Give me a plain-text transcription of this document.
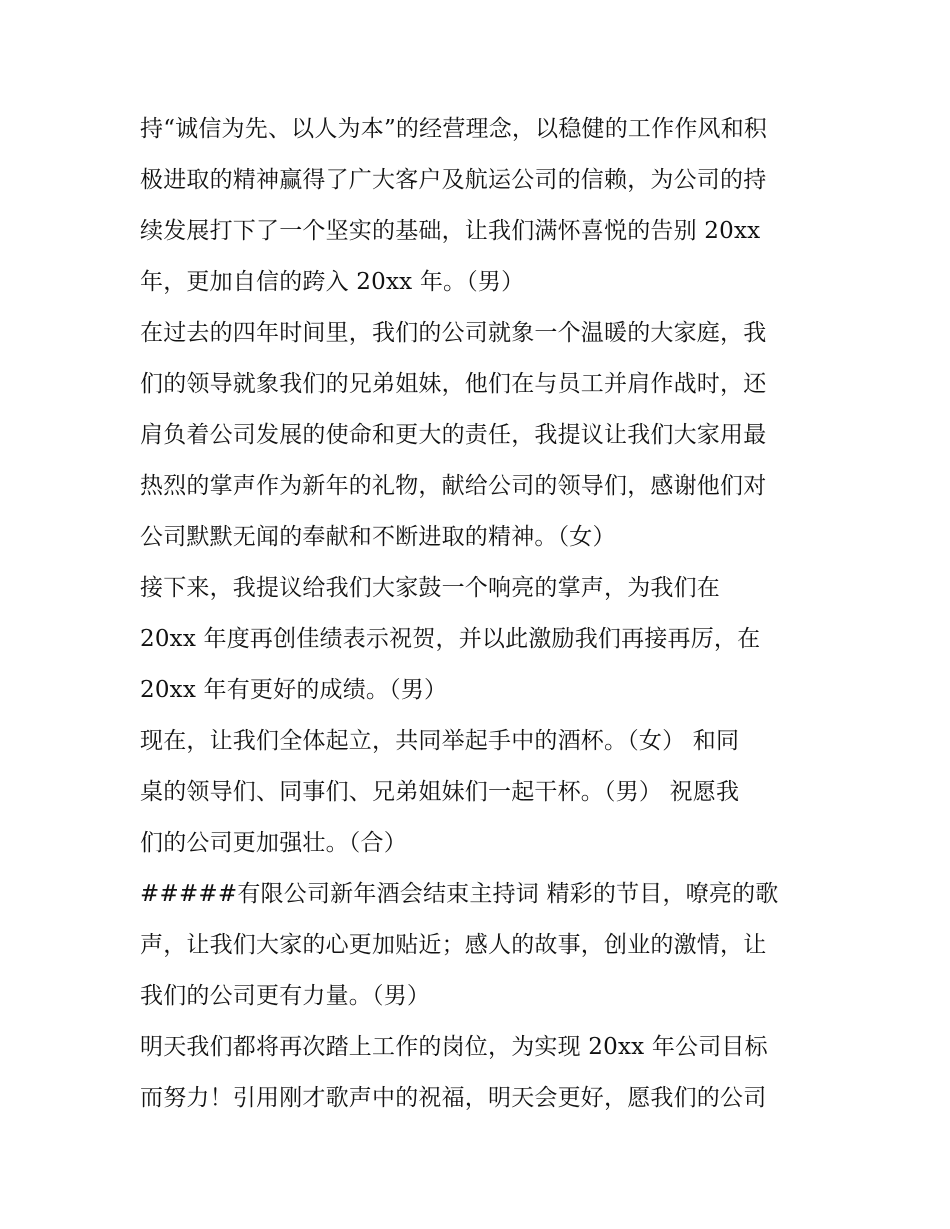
持“诚信为先、以人为本”的经营理念，以稳健的工作作风和积
极进取的精神赢得了广大客户及航运公司的信赖，为公司的持
续发展打下了一个坚实的基础，让我们满怀喜悦的告别 20xx
年，更加自信的跨入 20xx 年。（男）
在过去的四年时间里，我们的公司就象一个温暖的大家庭，我
们的领导就象我们的兄弟姐妹，他们在与员工并肩作战时，还
肩负着公司发展的使命和更大的责任，我提议让我们大家用最
热烈的掌声作为新年的礼物，献给公司的领导们，感谢他们对
公司默默无闻的奉献和不断进取的精神。（女）
接下来，我提议给我们大家鼓一个响亮的掌声，为我们在
20xx 年度再创佳绩表示祝贺，并以此激励我们再接再厉，在
20xx 年有更好的成绩。（男）
现在，让我们全体起立，共同举起手中的酒杯。（女） 和同
桌的领导们、同事们、兄弟姐妹们一起干杯。（男） 祝愿我
们的公司更加强壮。（合）
#####有限公司新年酒会结束主持词 精彩的节目，嘹亮的歌
声，让我们大家的心更加贴近；感人的故事，创业的激情，让
我们的公司更有力量。（男）
明天我们都将再次踏上工作的岗位，为实现 20xx 年公司目标
而努力！引用刚才歌声中的祝福，明天会更好，愿我们的公司
